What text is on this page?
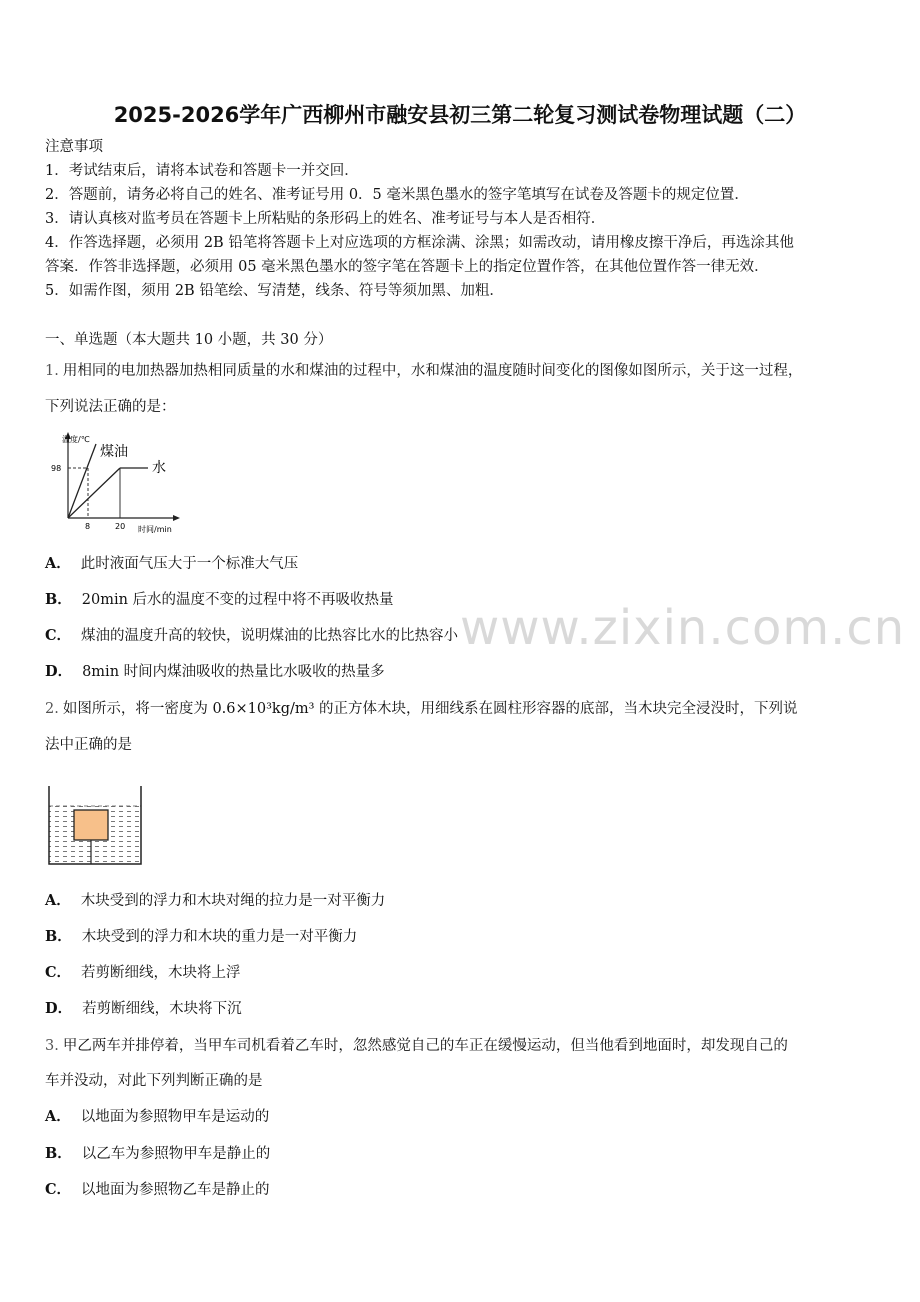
www.zixin.com.cn
2025-2026学年广西柳州市融安县初三第二轮复习测试卷物理试题（二）
注意事项
1．考试结束后，请将本试卷和答题卡一并交回．
2．答题前，请务必将自己的姓名、准考证号用 0．5 毫米黑色墨水的签字笔填写在试卷及答题卡的规定位置．
3．请认真核对监考员在答题卡上所粘贴的条形码上的姓名、准考证号与本人是否相符．
4．作答选择题，必须用 2B 铅笔将答题卡上对应选项的方框涂满、涂黑；如需改动，请用橡皮擦干净后，再选涂其他
答案．作答非选择题，必须用 05 毫米黑色墨水的签字笔在答题卡上的指定位置作答，在其他位置作答一律无效．
5．如需作图，须用 2B 铅笔绘、写清楚，线条、符号等须加黑、加粗．
一、单选题（本大题共 10 小题，共 30 分）
1. 用相同的电加热器加热相同质量的水和煤油的过程中，水和煤油的温度随时间变化的图像如图所示，关于这一过程，
下列说法正确的是：
温度/℃
98
8	20 时间/min
煤油
水
A． 此时液面气压大于一个标准大气压
B． 20min 后水的温度不变的过程中将不再吸收热量
C． 煤油的温度升高的较快，说明煤油的比热容比水的比热容小
D． 8min 时间内煤油吸收的热量比水吸收的热量多
2. 如图所示，将一密度为 0.6×10³kg/m³ 的正方体木块，用细线系在圆柱形容器的底部，当木块完全浸没时，下列说
法中正确的是
A． 木块受到的浮力和木块对绳的拉力是一对平衡力
B． 木块受到的浮力和木块的重力是一对平衡力
C． 若剪断细线，木块将上浮
D． 若剪断细线，木块将下沉
3. 甲乙两车并排停着，当甲车司机看着乙车时，忽然感觉自己的车正在缓慢运动，但当他看到地面时，却发现自己的
车并没动，对此下列判断正确的是
A． 以地面为参照物甲车是运动的
B． 以乙车为参照物甲车是静止的
C． 以地面为参照物乙车是静止的
